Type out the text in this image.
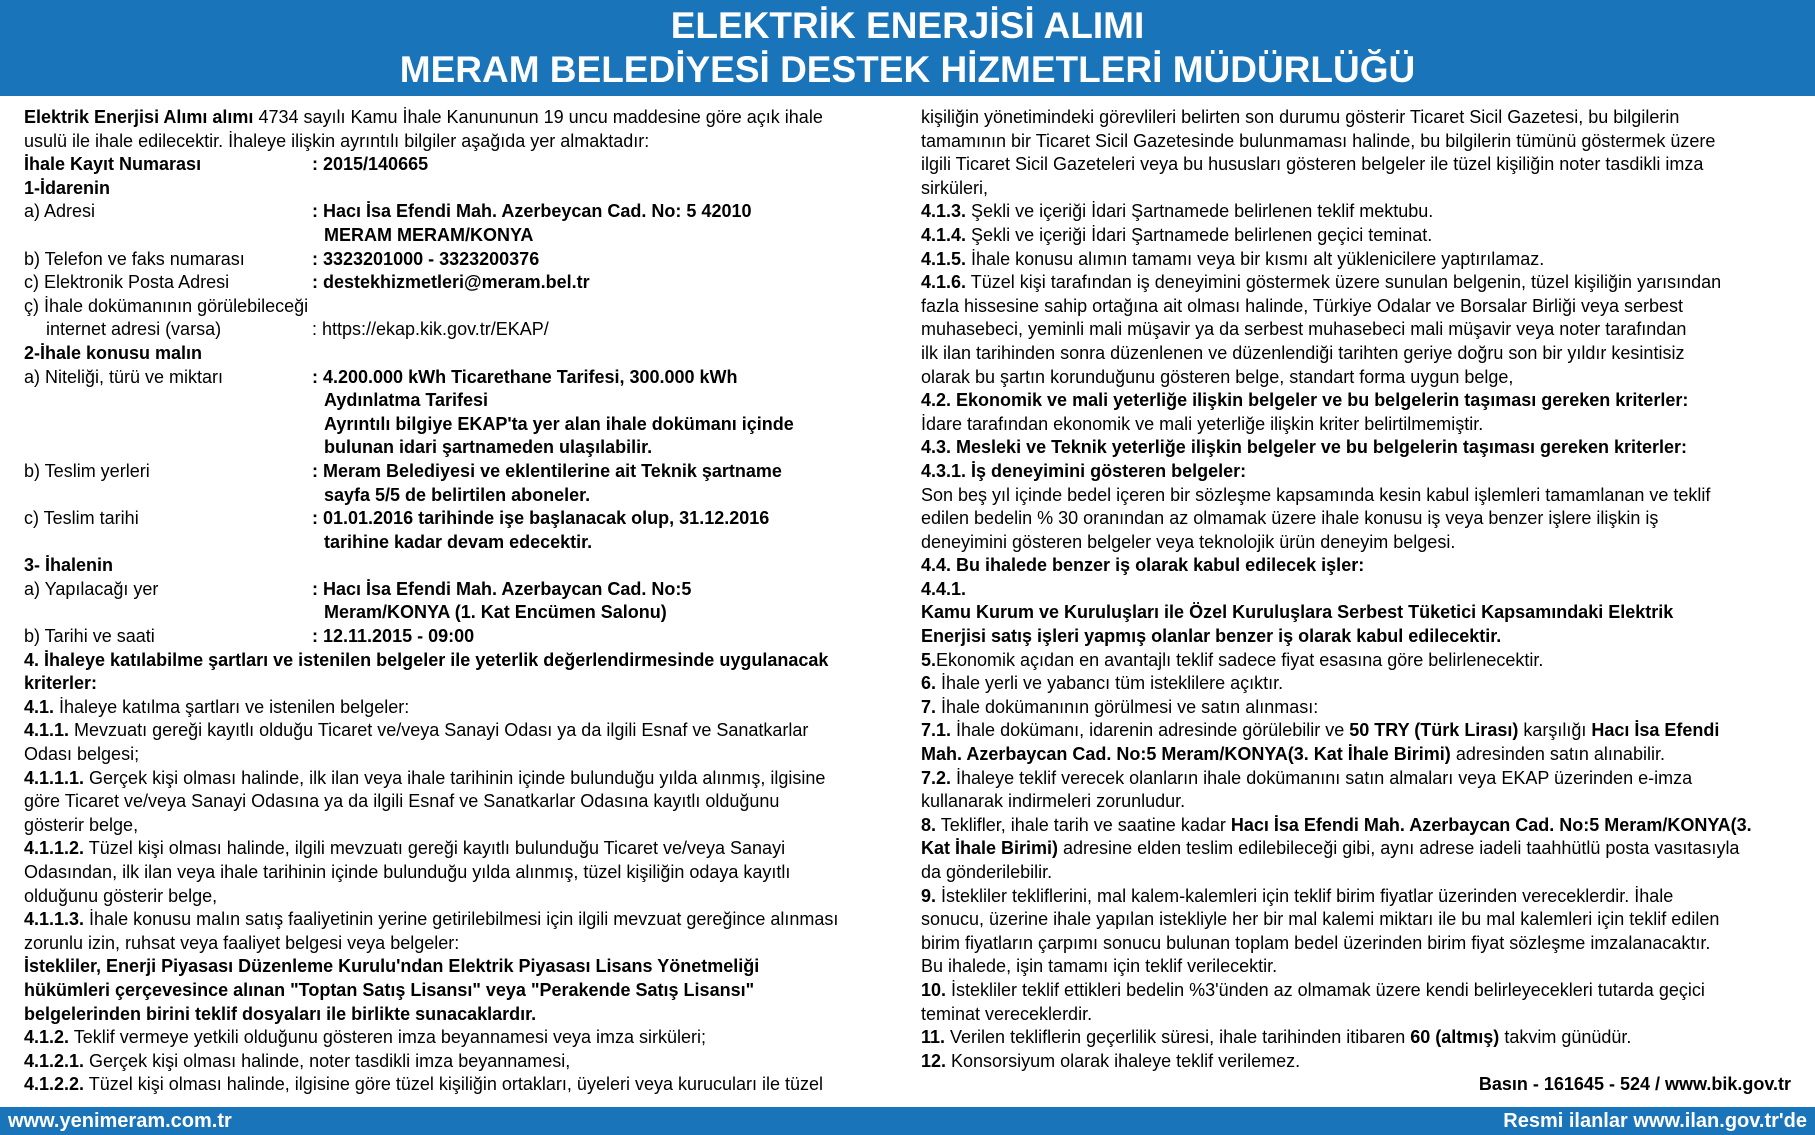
ELEKTRİK ENERJİSİ ALIMI
MERAM BELEDİYESİ DESTEK HİZMETLERİ MÜDÜRLÜĞÜ
Elektrik Enerjisi Alımı alımı 4734 sayılı Kamu İhale Kanununun 19 uncu maddesine göre açık ihale
usulü ile ihale edilecektir. İhaleye ilişkin ayrıntılı bilgiler aşağıda yer almaktadır:
İhale Kayıt Numarası	: 2015/140665
1-İdarenin
a) Adresi	: Hacı İsa Efendi Mah. Azerbeycan Cad. No: 5 42010
MERAM MERAM/KONYA
b) Telefon ve faks numarası	: 3323201000 - 3323200376
c) Elektronik Posta Adresi	: destekhizmetleri@meram.bel.tr
ç) İhale dokümanının görülebileceği
internet adresi (varsa)	: https://ekap.kik.gov.tr/EKAP/
2-İhale konusu malın
a) Niteliği, türü ve miktarı	: 4.200.000 kWh Ticarethane Tarifesi, 300.000 kWh
Aydınlatma Tarifesi
Ayrıntılı bilgiye EKAP'ta yer alan ihale dokümanı içinde
bulunan idari şartnameden ulaşılabilir.
b) Teslim yerleri	: Meram Belediyesi ve eklentilerine ait Teknik şartname
sayfa 5/5 de belirtilen aboneler.
c) Teslim tarihi	: 01.01.2016 tarihinde işe başlanacak olup, 31.12.2016
tarihine kadar devam edecektir.
3- İhalenin
a) Yapılacağı yer	: Hacı İsa Efendi Mah. Azerbaycan Cad. No:5
Meram/KONYA (1. Kat Encümen Salonu)
b) Tarihi ve saati	: 12.11.2015 - 09:00
4. İhaleye katılabilme şartları ve istenilen belgeler ile yeterlik değerlendirmesinde uygulanacak
kriterler:
4.1. İhaleye katılma şartları ve istenilen belgeler:
4.1.1. Mevzuatı gereği kayıtlı olduğu Ticaret ve/veya Sanayi Odası ya da ilgili Esnaf ve Sanatkarlar
Odası belgesi;
4.1.1.1. Gerçek kişi olması halinde, ilk ilan veya ihale tarihinin içinde bulunduğu yılda alınmış, ilgisine
göre Ticaret ve/veya Sanayi Odasına ya da ilgili Esnaf ve Sanatkarlar Odasına kayıtlı olduğunu
gösterir belge,
4.1.1.2. Tüzel kişi olması halinde, ilgili mevzuatı gereği kayıtlı bulunduğu Ticaret ve/veya Sanayi
Odasından, ilk ilan veya ihale tarihinin içinde bulunduğu yılda alınmış, tüzel kişiliğin odaya kayıtlı
olduğunu gösterir belge,
4.1.1.3. İhale konusu malın satış faaliyetinin yerine getirilebilmesi için ilgili mevzuat gereğince alınması
zorunlu izin, ruhsat veya faaliyet belgesi veya belgeler:
İstekliler, Enerji Piyasası Düzenleme Kurulu'ndan Elektrik Piyasası Lisans Yönetmeliği
hükümleri çerçevesince alınan "Toptan Satış Lisansı" veya "Perakende Satış Lisansı"
belgelerinden birini teklif dosyaları ile birlikte sunacaklardır.
4.1.2. Teklif vermeye yetkili olduğunu gösteren imza beyannamesi veya imza sirküleri;
4.1.2.1. Gerçek kişi olması halinde, noter tasdikli imza beyannamesi,
4.1.2.2. Tüzel kişi olması halinde, ilgisine göre tüzel kişiliğin ortakları, üyeleri veya kurucuları ile tüzel
kişiliğin yönetimindeki görevlileri belirten son durumu gösterir Ticaret Sicil Gazetesi, bu bilgilerin
tamamının bir Ticaret Sicil Gazetesinde bulunmaması halinde, bu bilgilerin tümünü göstermek üzere
ilgili Ticaret Sicil Gazeteleri veya bu hususları gösteren belgeler ile tüzel kişiliğin noter tasdikli imza
sirküleri,
4.1.3. Şekli ve içeriği İdari Şartnamede belirlenen teklif mektubu.
4.1.4. Şekli ve içeriği İdari Şartnamede belirlenen geçici teminat.
4.1.5. İhale konusu alımın tamamı veya bir kısmı alt yüklenicilere yaptırılamaz.
4.1.6. Tüzel kişi tarafından iş deneyimini göstermek üzere sunulan belgenin, tüzel kişiliğin yarısından
fazla hissesine sahip ortağına ait olması halinde, Türkiye Odalar ve Borsalar Birliği veya serbest
muhasebeci, yeminli mali müşavir ya da serbest muhasebeci mali müşavir veya noter tarafından
ilk ilan tarihinden sonra düzenlenen ve düzenlendiği tarihten geriye doğru son bir yıldır kesintisiz
olarak bu şartın korunduğunu gösteren belge, standart forma uygun belge,
4.2. Ekonomik ve mali yeterliğe ilişkin belgeler ve bu belgelerin taşıması gereken kriterler:
İdare tarafından ekonomik ve mali yeterliğe ilişkin kriter belirtilmemiştir.
4.3. Mesleki ve Teknik yeterliğe ilişkin belgeler ve bu belgelerin taşıması gereken kriterler:
4.3.1. İş deneyimini gösteren belgeler:
Son beş yıl içinde bedel içeren bir sözleşme kapsamında kesin kabul işlemleri tamamlanan ve teklif
edilen bedelin % 30 oranından az olmamak üzere ihale konusu iş veya benzer işlere ilişkin iş
deneyimini gösteren belgeler veya teknolojik ürün deneyim belgesi.
4.4. Bu ihalede benzer iş olarak kabul edilecek işler:
4.4.1.
Kamu Kurum ve Kuruluşları ile Özel Kuruluşlara Serbest Tüketici Kapsamındaki Elektrik
Enerjisi satış işleri yapmış olanlar benzer iş olarak kabul edilecektir.
5.Ekonomik açıdan en avantajlı teklif sadece fiyat esasına göre belirlenecektir.
6. İhale yerli ve yabancı tüm isteklilere açıktır.
7. İhale dokümanının görülmesi ve satın alınması:
7.1. İhale dokümanı, idarenin adresinde görülebilir ve 50 TRY (Türk Lirası) karşılığı Hacı İsa Efendi
Mah. Azerbaycan Cad. No:5 Meram/KONYA(3. Kat İhale Birimi) adresinden satın alınabilir.
7.2. İhaleye teklif verecek olanların ihale dokümanını satın almaları veya EKAP üzerinden e-imza
kullanarak indirmeleri zorunludur.
8. Teklifler, ihale tarih ve saatine kadar Hacı İsa Efendi Mah. Azerbaycan Cad. No:5 Meram/KONYA(3.
Kat İhale Birimi) adresine elden teslim edilebileceği gibi, aynı adrese iadeli taahhütlü posta vasıtasıyla
da gönderilebilir.
9. İstekliler tekliflerini, mal kalem-kalemleri için teklif birim fiyatlar üzerinden vereceklerdir. İhale
sonucu, üzerine ihale yapılan istekliyle her bir mal kalemi miktarı ile bu mal kalemleri için teklif edilen
birim fiyatların çarpımı sonucu bulunan toplam bedel üzerinden birim fiyat sözleşme imzalanacaktır.
Bu ihalede, işin tamamı için teklif verilecektir.
10. İstekliler teklif ettikleri bedelin %3'ünden az olmamak üzere kendi belirleyecekleri tutarda geçici
teminat vereceklerdir.
11. Verilen tekliflerin geçerlilik süresi, ihale tarihinden itibaren 60 (altmış) takvim günüdür.
12. Konsorsiyum olarak ihaleye teklif verilemez.
Basın - 161645 - 524 / www.bik.gov.tr
www.yenimeram.com.tr	Resmi ilanlar www.ilan.gov.tr'de
